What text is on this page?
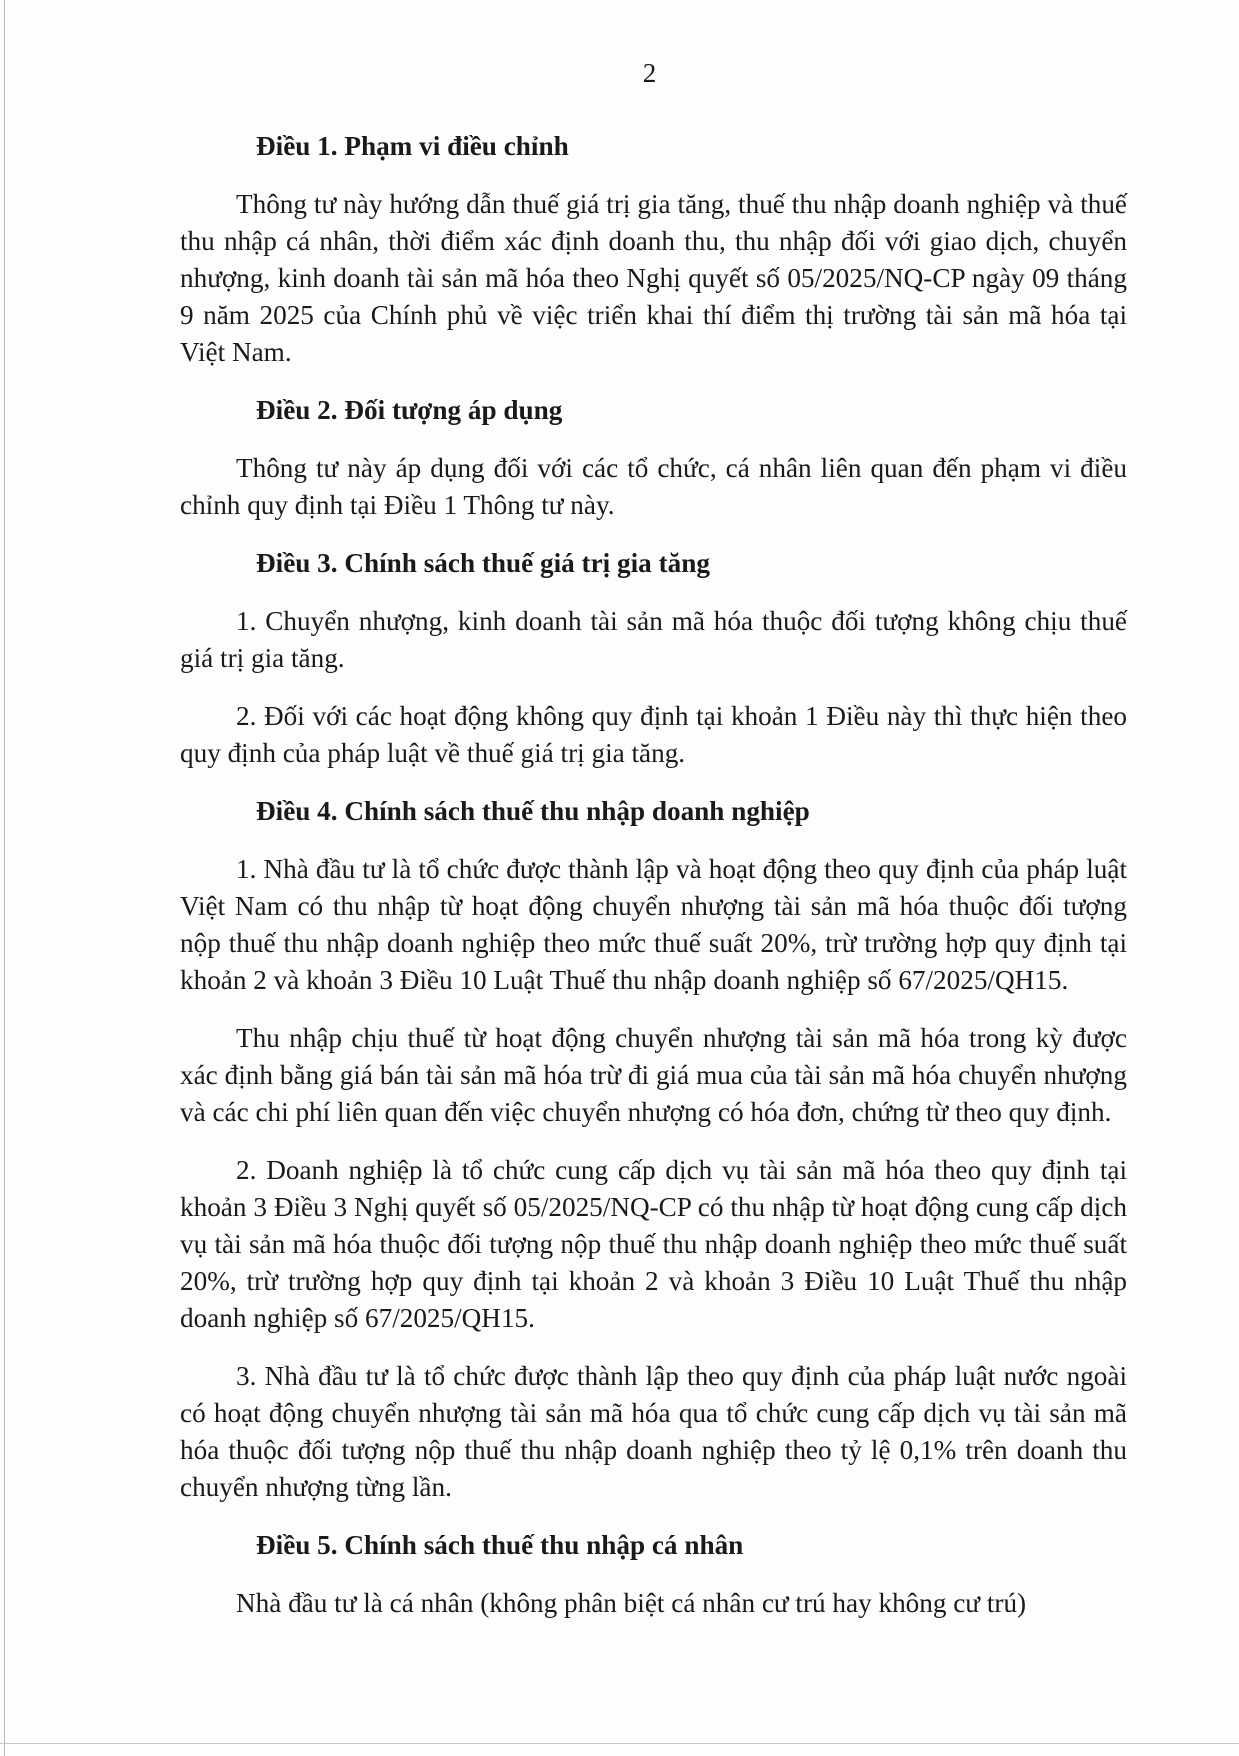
2
Điều 1. Phạm vi điều chỉnh

Thông tư này hướng dẫn thuế giá trị gia tăng, thuế thu nhập doanh nghiệp và thuế thu nhập cá nhân, thời điểm xác định doanh thu, thu nhập đối với giao dịch, chuyển nhượng, kinh doanh tài sản mã hóa theo Nghị quyết số 05/2025/NQ-CP ngày 09 tháng 9 năm 2025 của Chính phủ về việc triển khai thí điểm thị trường tài sản mã hóa tại Việt Nam.

Điều 2. Đối tượng áp dụng

Thông tư này áp dụng đối với các tổ chức, cá nhân liên quan đến phạm vi điều chỉnh quy định tại Điều 1 Thông tư này.

Điều 3. Chính sách thuế giá trị gia tăng

1. Chuyển nhượng, kinh doanh tài sản mã hóa thuộc đối tượng không chịu thuế giá trị gia tăng.

2. Đối với các hoạt động không quy định tại khoản 1 Điều này thì thực hiện theo quy định của pháp luật về thuế giá trị gia tăng.

Điều 4. Chính sách thuế thu nhập doanh nghiệp

1. Nhà đầu tư là tổ chức được thành lập và hoạt động theo quy định của pháp luật Việt Nam có thu nhập từ hoạt động chuyển nhượng tài sản mã hóa thuộc đối tượng nộp thuế thu nhập doanh nghiệp theo mức thuế suất 20%, trừ trường hợp quy định tại khoản 2 và khoản 3 Điều 10 Luật Thuế thu nhập doanh nghiệp số 67/2025/QH15.

Thu nhập chịu thuế từ hoạt động chuyển nhượng tài sản mã hóa trong kỳ được xác định bằng giá bán tài sản mã hóa trừ đi giá mua của tài sản mã hóa chuyển nhượng và các chi phí liên quan đến việc chuyển nhượng có hóa đơn, chứng từ theo quy định.

2. Doanh nghiệp là tổ chức cung cấp dịch vụ tài sản mã hóa theo quy định tại khoản 3 Điều 3 Nghị quyết số 05/2025/NQ-CP có thu nhập từ hoạt động cung cấp dịch vụ tài sản mã hóa thuộc đối tượng nộp thuế thu nhập doanh nghiệp theo mức thuế suất 20%, trừ trường hợp quy định tại khoản 2 và khoản 3 Điều 10 Luật Thuế thu nhập doanh nghiệp số 67/2025/QH15.

3. Nhà đầu tư là tổ chức được thành lập theo quy định của pháp luật nước ngoài có hoạt động chuyển nhượng tài sản mã hóa qua tổ chức cung cấp dịch vụ tài sản mã hóa thuộc đối tượng nộp thuế thu nhập doanh nghiệp theo tỷ lệ 0,1% trên doanh thu chuyển nhượng từng lần.

Điều 5. Chính sách thuế thu nhập cá nhân

Nhà đầu tư là cá nhân (không phân biệt cá nhân cư trú hay không cư trú)
